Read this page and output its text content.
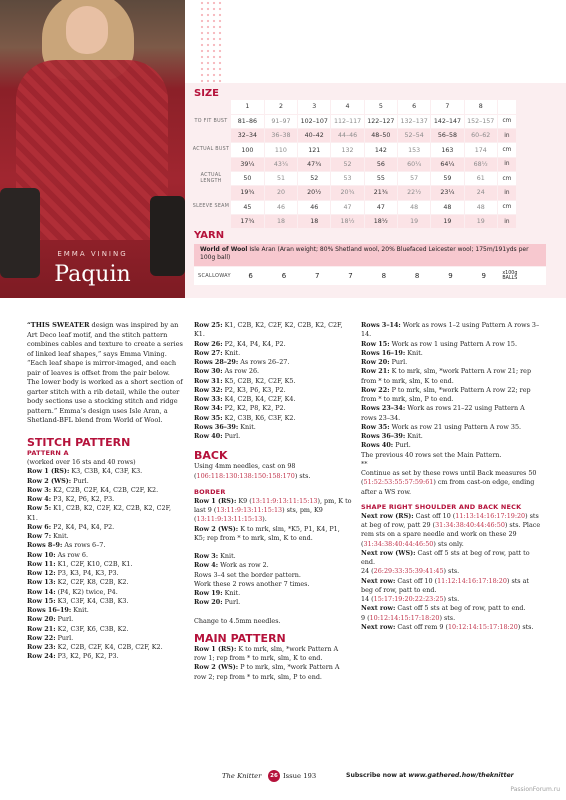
EMMA VINING
Paquin
SIZE
	1	2	3	4	5	6	7	8	
TO FIT BUST	81–86	91–97	102–107	112–117	122–127	132–137	142–147	152–157	cm
	32–34	36–38	40–42	44–46	48–50	52–54	56–58	60–62	in
ACTUAL BUST	100	110	121	132	142	153	163	174	cm
	39¼	43¼	47¾	52	56	60¼	64¼	68½	in
ACTUAL LENGTH	50	51	52	53	55	57	59	61	cm
	19¾	20	20½	20¾	21¾	22½	23¼	24	in
SLEEVE SEAM	45	46	46	47	47	48	48	48	cm
	17¾	18	18	18½	18½	19	19	19	in
YARN
World of Wool Isle Aran (Aran weight; 80% Shetland wool, 20% Bluefaced Leicester wool; 175m/191yds per 100g ball)
SCALLOWAY	6	6	7	7	8	8	9	9	x100g BALLS

“THIS SWEATER design was inspired by an Art Deco leaf motif, and the stitch pattern combines cables and texture to create a series of linked leaf shapes,” says Emma Vining. “Each leaf shape is mirror-imaged, and each pair of leaves is offset from the pair below. The lower body is worked as a short section of garter stitch with a rib detail, while the outer body sections use a stocking stitch and ridge pattern.” Emma’s design uses Isle Aran, a Shetland-BFL blend from World of Wool.

STITCH PATTERN
PATTERN A

(worked over 16 sts and 40 rows)

Row 1 (RS): K3, C3B, K4, C3F, K3.

Row 2 (WS): Purl.

Row 3: K2, C2B, C2F, K4, C2B, C2F, K2.

Row 4: P3, K2, P6, K2, P3.

Row 5: K1, C2B, K2, C2F, K2, C2B, K2, C2F, K1.

Row 6: P2, K4, P4, K4, P2.

Row 7: Knit.

Rows 8–9: As rows 6–7.

Row 10: As row 6.

Row 11: K1, C2F, K10, C2B, K1.

Row 12: P3, K3, P4, K3, P3.

Row 13: K2, C2F, K8, C2B, K2.

Row 14: (P4, K2) twice, P4.

Row 15: K3, C3F, K4, C3B, K3.

Rows 16–19: Knit.

Row 20: Purl.

Row 21: K2, C3F, K6, C3B, K2.

Row 22: Purl.

Row 23: K2, C2B, C2F, K4, C2B, C2F, K2.

Row 24: P3, K2, P6, K2, P3.

Row 25: K1, C2B, K2, C2F, K2, C2B, K2, C2F, K1.

Row 26: P2, K4, P4, K4, P2.

Row 27: Knit.

Rows 28–29: As rows 26–27.

Row 30: As row 26.

Row 31: K5, C2B, K2, C2F, K5.

Row 32: P2, K3, P6, K3, P2.

Row 33: K4, C2B, K4, C2F, K4.

Row 34: P2, K2, P8, K2, P2.

Row 35: K2, C3B, K6, C3F, K2.

Rows 36–39: Knit.

Row 40: Purl.

BACK

Using 4mm needles, cast on 98 (106:118:130:138:150:158:170) sts.

BORDER

Row 1 (RS): K9 (13:11:9:13:11:15:13), pm, K to last 9 (13:11:9:13:11:15:13) sts, pm, K9 (13:11:9:13:11:15:13).

Row 2 (WS): K to mrk, slm, *K5, P1, K4, P1, K5; rep from * to mrk, slm, K to end.

Row 3: Knit.

Row 4: Work as row 2.

Rows 3–4 set the border pattern.

Work these 2 rows another 7 times.

Row 19: Knit.

Row 20: Purl.

Change to 4.5mm needles.

MAIN PATTERN

Row 1 (RS): K to mrk, slm, *work Pattern A row 1; rep from * to mrk, slm, K to end.

Row 2 (WS): P to mrk, slm, *work Pattern A row 2; rep from * to mrk, slm, P to end.

Rows 3–14: Work as rows 1–2 using Pattern A rows 3–14.

Row 15: Work as row 1 using Pattern A row 15.

Rows 16–19: Knit.

Row 20: Purl.

Row 21: K to mrk, slm, *work Pattern A row 21; rep from * to mrk, slm, K to end.

Row 22: P to mrk, slm, *work Pattern A row 22; rep from * to mrk, slm, P to end.

Rows 23–34: Work as rows 21–22 using Pattern A rows 23–34.

Row 35: Work as row 21 using Pattern A row 35.

Rows 36–39: Knit.

Rows 40: Purl.

The previous 40 rows set the Main Pattern.

**

Continue as set by these rows until Back measures 50 (51:52:53:55:57:59:61) cm from cast-on edge, ending after a WS row.

SHAPE RIGHT SHOULDER AND BACK NECK

Next row (RS): Cast off 10 (11:13:14:16:17:19:20) sts at beg of row, patt 29 (31:34:38:40:44:46:50) sts. Place rem sts on a spare needle and work on these 29 (31:34:38:40:44:46:50) sts only.

Next row (WS): Cast off 5 sts at beg of row, patt to end.

24 (26:29:33:35:39:41:45) sts.

Next row: Cast off 10 (11:12:14:16:17:18:20) sts at beg of row, patt to end.

14 (15:17:19:20:22:23:25) sts.

Next row: Cast off 5 sts at beg of row, patt to end.

9 (10:12:14:15:17:18:20) sts.

Next row: Cast off rem 9 (10:12:14:15:17:18:20) sts.

The Knitter	26 Issue 193	Subscribe now at www.gathered.how/theknitter
PassionForum.ru
